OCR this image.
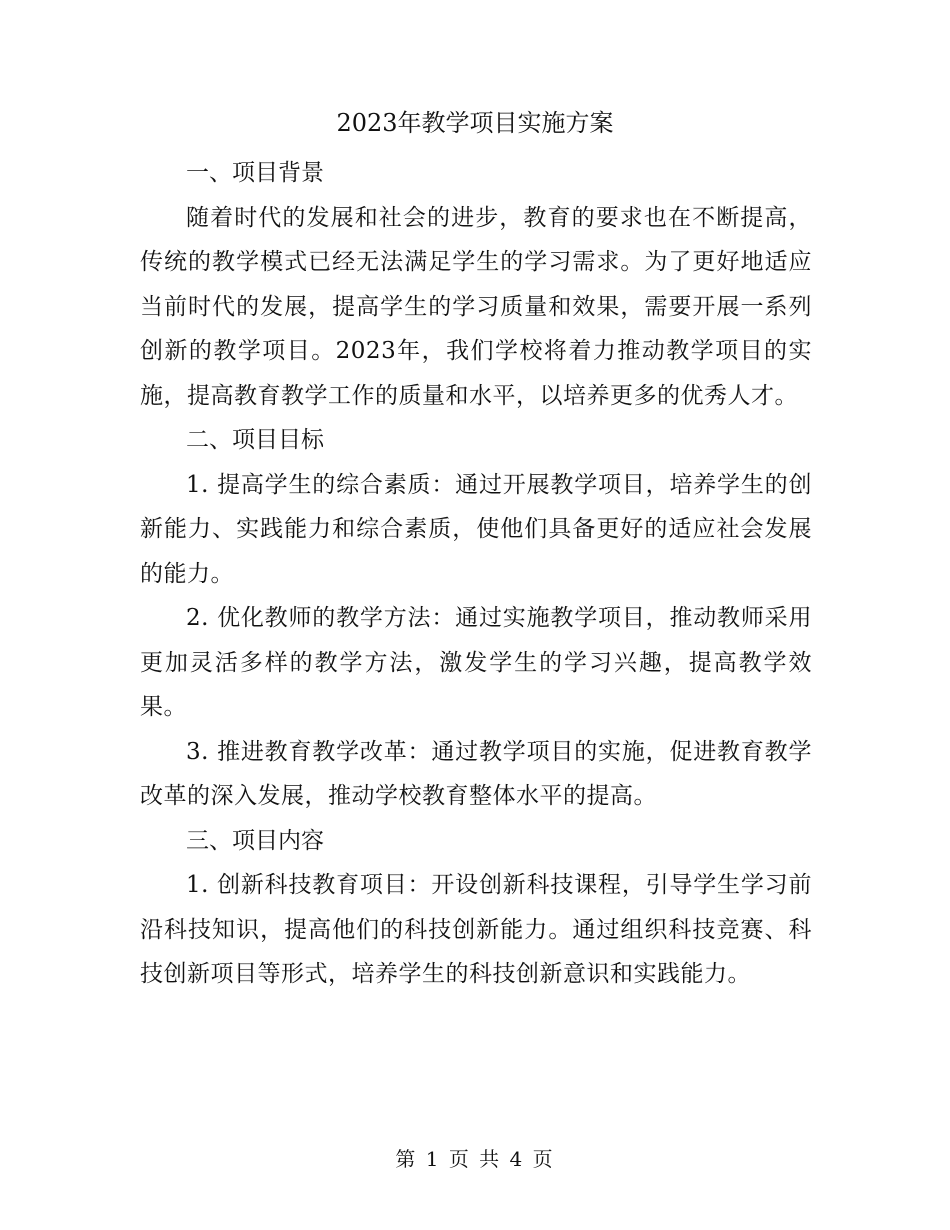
2023年教学项目实施方案
一、项目背景

随着时代的发展和社会的进步，教育的要求也在不断提高，传统的教学模式已经无法满足学生的学习需求。为了更好地适应当前时代的发展，提高学生的学习质量和效果，需要开展一系列创新的教学项目。2023年，我们学校将着力推动教学项目的实施，提高教育教学工作的质量和水平，以培养更多的优秀人才。

二、项目目标

1. 提高学生的综合素质：通过开展教学项目，培养学生的创新能力、实践能力和综合素质，使他们具备更好的适应社会发展的能力。

2. 优化教师的教学方法：通过实施教学项目，推动教师采用更加灵活多样的教学方法，激发学生的学习兴趣，提高教学效果。

3. 推进教育教学改革：通过教学项目的实施，促进教育教学改革的深入发展，推动学校教育整体水平的提高。

三、项目内容

1. 创新科技教育项目：开设创新科技课程，引导学生学习前沿科技知识，提高他们的科技创新能力。通过组织科技竞赛、科技创新项目等形式，培养学生的科技创新意识和实践能力。

第 1 页 共 4 页
